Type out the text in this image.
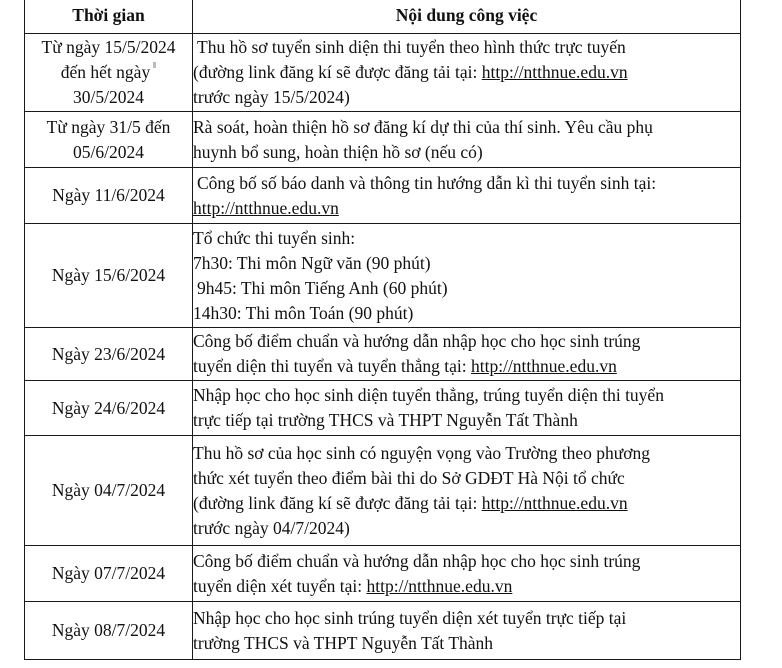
Thời gian	Nội dung công việc

Từ ngày 15/5/2024
đến hết ngày
30/5/2024	Thu hồ sơ tuyển sinh diện thi tuyển theo hình thức trực tuyến
(đường link đăng kí sẽ được đăng tải tại: http://ntthnue.edu.vn
trước ngày 15/5/2024)

Từ ngày 31/5 đến
05/6/2024	Rà soát, hoàn thiện hồ sơ đăng kí dự thi của thí sinh. Yêu cầu phụ
huynh bổ sung, hoàn thiện hồ sơ (nếu có)

Ngày 11/6/2024	Công bố số báo danh và thông tin hướng dẫn kì thi tuyển sinh tại:
http://ntthnue.edu.vn

Ngày 15/6/2024	Tổ chức thi tuyển sinh:
7h30: Thi môn Ngữ văn (90 phút)
9h45: Thi môn Tiếng Anh (60 phút)
14h30: Thi môn Toán (90 phút)

Ngày 23/6/2024	Công bố điểm chuẩn và hướng dẫn nhập học cho học sinh trúng
tuyển diện thi tuyển và tuyển thẳng tại: http://ntthnue.edu.vn

Ngày 24/6/2024	Nhập học cho học sinh diện tuyển thẳng, trúng tuyển diện thi tuyển
trực tiếp tại trường THCS và THPT Nguyễn Tất Thành

Ngày 04/7/2024	Thu hồ sơ của học sinh có nguyện vọng vào Trường theo phương
thức xét tuyển theo điểm bài thi do Sở GDĐT Hà Nội tổ chức
(đường link đăng kí sẽ được đăng tải tại: http://ntthnue.edu.vn
trước ngày 04/7/2024)

Ngày 07/7/2024	Công bố điểm chuẩn và hướng dẫn nhập học cho học sinh trúng
tuyển diện xét tuyển tại: http://ntthnue.edu.vn

Ngày 08/7/2024	Nhập học cho học sinh trúng tuyển diện xét tuyển trực tiếp tại
trường THCS và THPT Nguyễn Tất Thành
